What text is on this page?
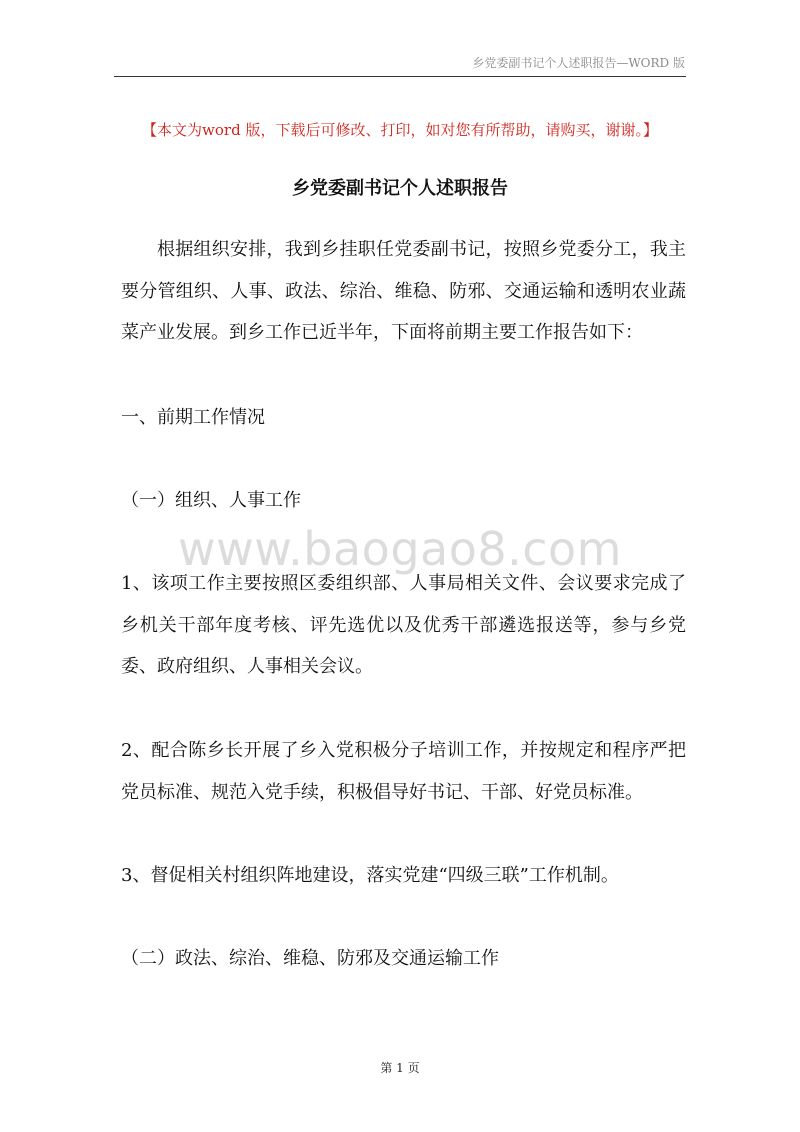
乡党委副书记个人述职报告—WORD 版
【本文为word 版，下载后可修改、打印，如对您有所帮助，请购买，谢谢。】
乡党委副书记个人述职报告
根据组织安排，我到乡挂职任党委副书记，按照乡党委分工，我主要分管组织、人事、政法、综治、维稳、防邪、交通运输和透明农业蔬菜产业发展。到乡工作已近半年，下面将前期主要工作报告如下：
一、前期工作情况
（一）组织、人事工作
www.baogao8.com
1、该项工作主要按照区委组织部、人事局相关文件、会议要求完成了乡机关干部年度考核、评先选优以及优秀干部遴选报送等，参与乡党委、政府组织、人事相关会议。
2、配合陈乡长开展了乡入党积极分子培训工作，并按规定和程序严把党员标准、规范入党手续，积极倡导好书记、干部、好党员标准。
3、督促相关村组织阵地建设，落实党建“四级三联”工作机制。
（二）政法、综治、维稳、防邪及交通运输工作
第 1 页
